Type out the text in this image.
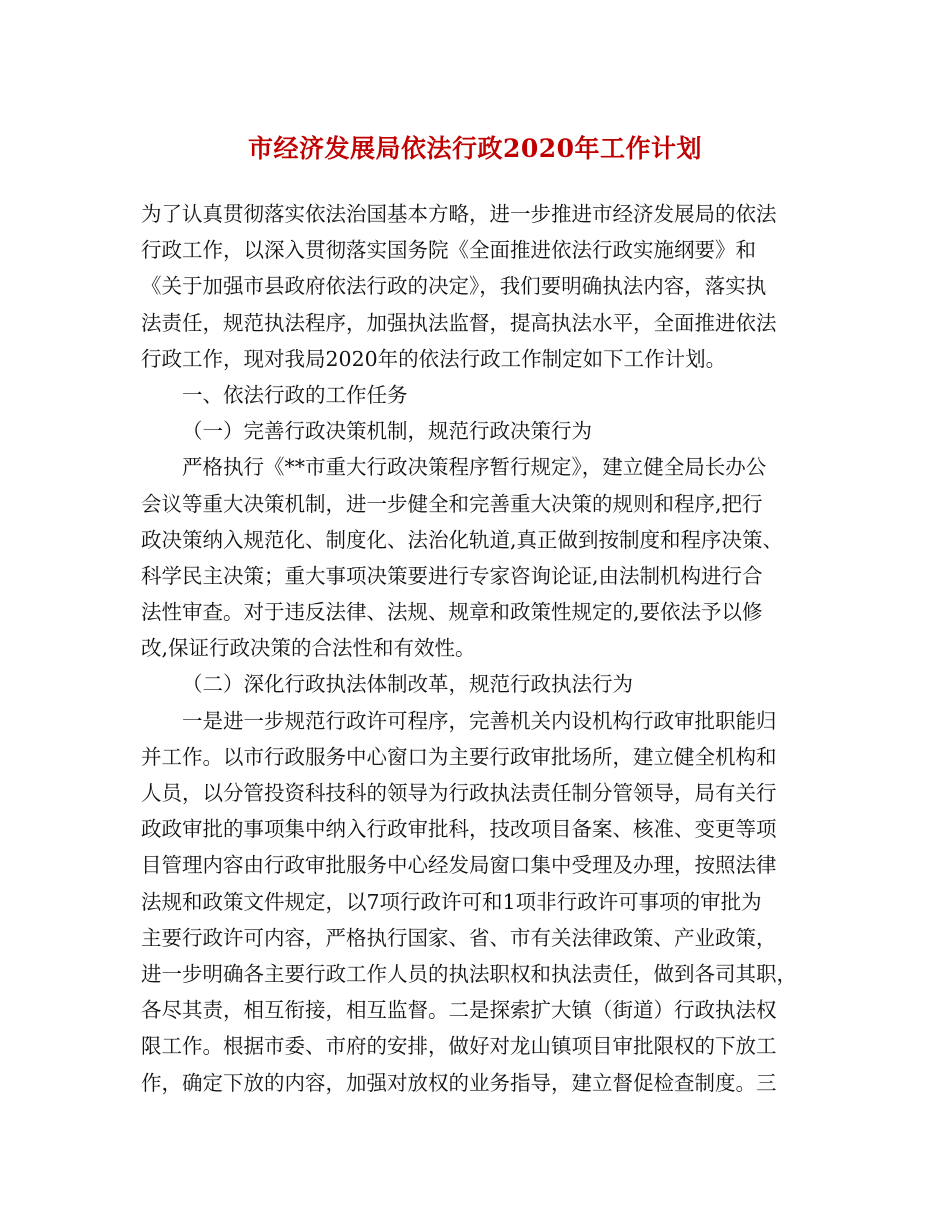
市经济发展局依法行政2020年工作计划
为了认真贯彻落实依法治国基本方略，进一步推进市经济发展局的依法
行政工作，以深入贯彻落实国务院《全面推进依法行政实施纲要》和
《关于加强市县政府依法行政的决定》，我们要明确执法内容，落实执
法责任，规范执法程序，加强执法监督，提高执法水平，全面推进依法
行政工作，现对我局2020年的依法行政工作制定如下工作计划。
一、依法行政的工作任务
（一）完善行政决策机制，规范行政决策行为
严格执行《**市重大行政决策程序暂行规定》，建立健全局长办公
会议等重大决策机制，进一步健全和完善重大决策的规则和程序,把行
政决策纳入规范化、制度化、法治化轨道,真正做到按制度和程序决策、
科学民主决策；重大事项决策要进行专家咨询论证,由法制机构进行合
法性审查。对于违反法律、法规、规章和政策性规定的,要依法予以修
改,保证行政决策的合法性和有效性。
（二）深化行政执法体制改革，规范行政执法行为
一是进一步规范行政许可程序，完善机关内设机构行政审批职能归
并工作。以市行政服务中心窗口为主要行政审批场所，建立健全机构和
人员，以分管投资科技科的领导为行政执法责任制分管领导，局有关行
政政审批的事项集中纳入行政审批科，技改项目备案、核准、变更等项
目管理内容由行政审批服务中心经发局窗口集中受理及办理，按照法律
法规和政策文件规定，以7项行政许可和1项非行政许可事项的审批为
主要行政许可内容，严格执行国家、省、市有关法律政策、产业政策，
进一步明确各主要行政工作人员的执法职权和执法责任，做到各司其职，
各尽其责，相互衔接，相互监督。二是探索扩大镇（街道）行政执法权
限工作。根据市委、市府的安排，做好对龙山镇项目审批限权的下放工
作，确定下放的内容，加强对放权的业务指导，建立督促检查制度。三
